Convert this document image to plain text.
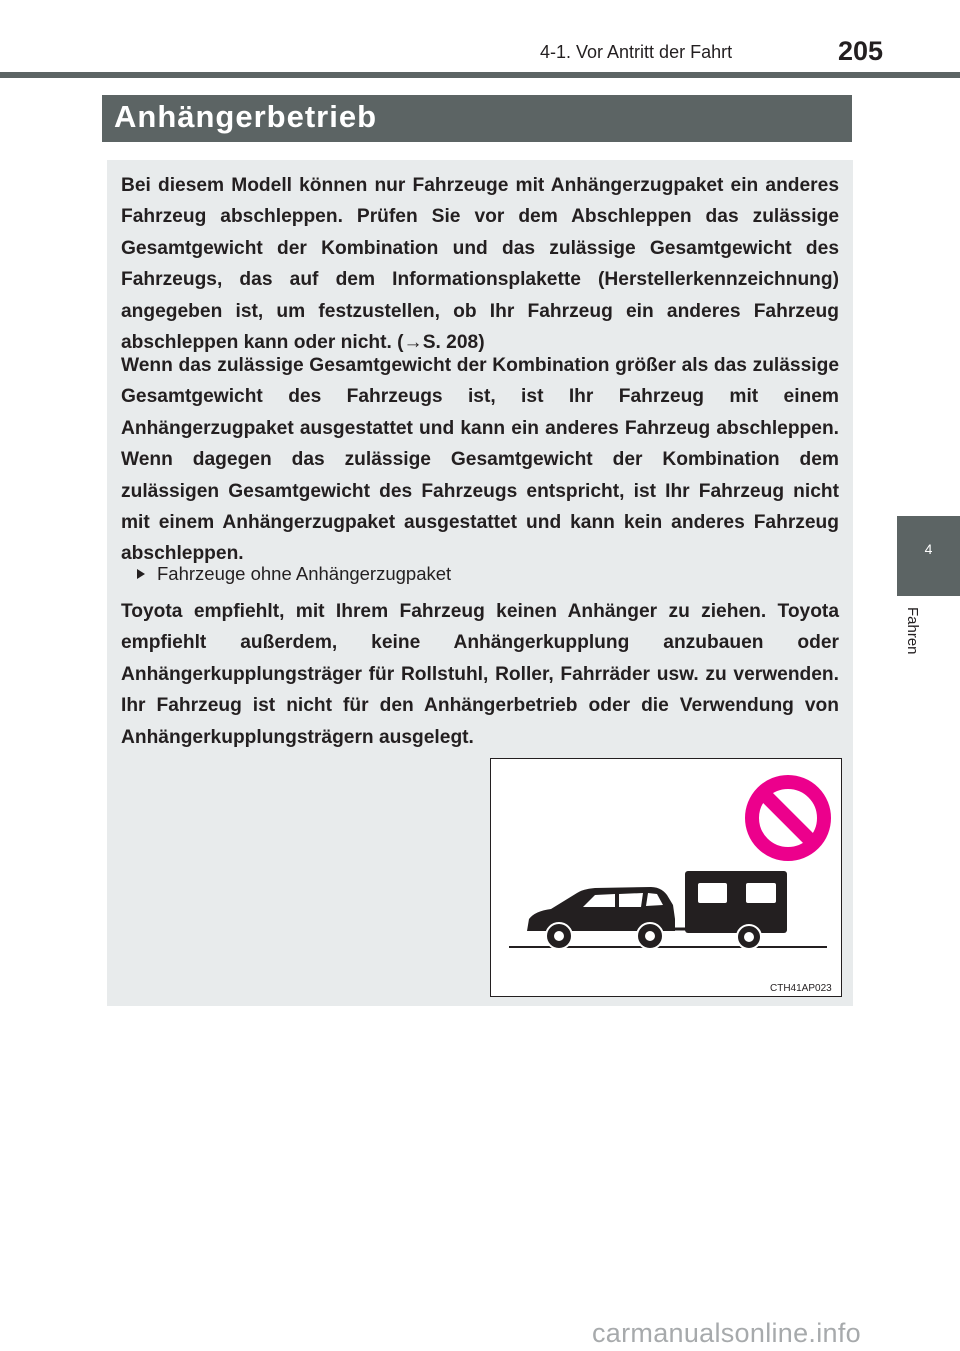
4-1. Vor Antritt der Fahrt	205
4
Fahren
Anhängerbetrieb

Bei diesem Modell können nur Fahrzeuge mit Anhängerzugpaket ein anderes Fahrzeug abschleppen. Prüfen Sie vor dem Abschleppen das zulässige Gesamtgewicht der Kombination und das zulässige Gesamtgewicht des Fahrzeugs, das auf dem Informationsplakette (Herstellerkennzeichnung) angegeben ist, um festzustellen, ob Ihr Fahrzeug ein anderes Fahrzeug abschleppen kann oder nicht. (→S. 208)

Wenn das zulässige Gesamtgewicht der Kombination größer als das zulässige Gesamtgewicht des Fahrzeugs ist, ist Ihr Fahrzeug mit einem Anhängerzugpaket ausgestattet und kann ein anderes Fahrzeug abschleppen. Wenn dagegen das zulässige Gesamtgewicht der Kombination dem zulässigen Gesamtgewicht des Fahrzeugs entspricht, ist Ihr Fahrzeug nicht mit einem Anhängerzugpaket ausgestattet und kann kein anderes Fahrzeug abschleppen.

Fahrzeuge ohne Anhängerzugpaket

Toyota empfiehlt, mit Ihrem Fahrzeug keinen Anhänger zu ziehen. Toyota empfiehlt außerdem, keine Anhängerkupplung anzubauen oder Anhängerkupplungsträger für Rollstuhl, Roller, Fahrräder usw. zu verwenden. Ihr Fahrzeug ist nicht für den Anhängerbetrieb oder die Verwendung von Anhängerkupplungsträgern ausgelegt.

CTH41AP023
carmanualsonline.info
